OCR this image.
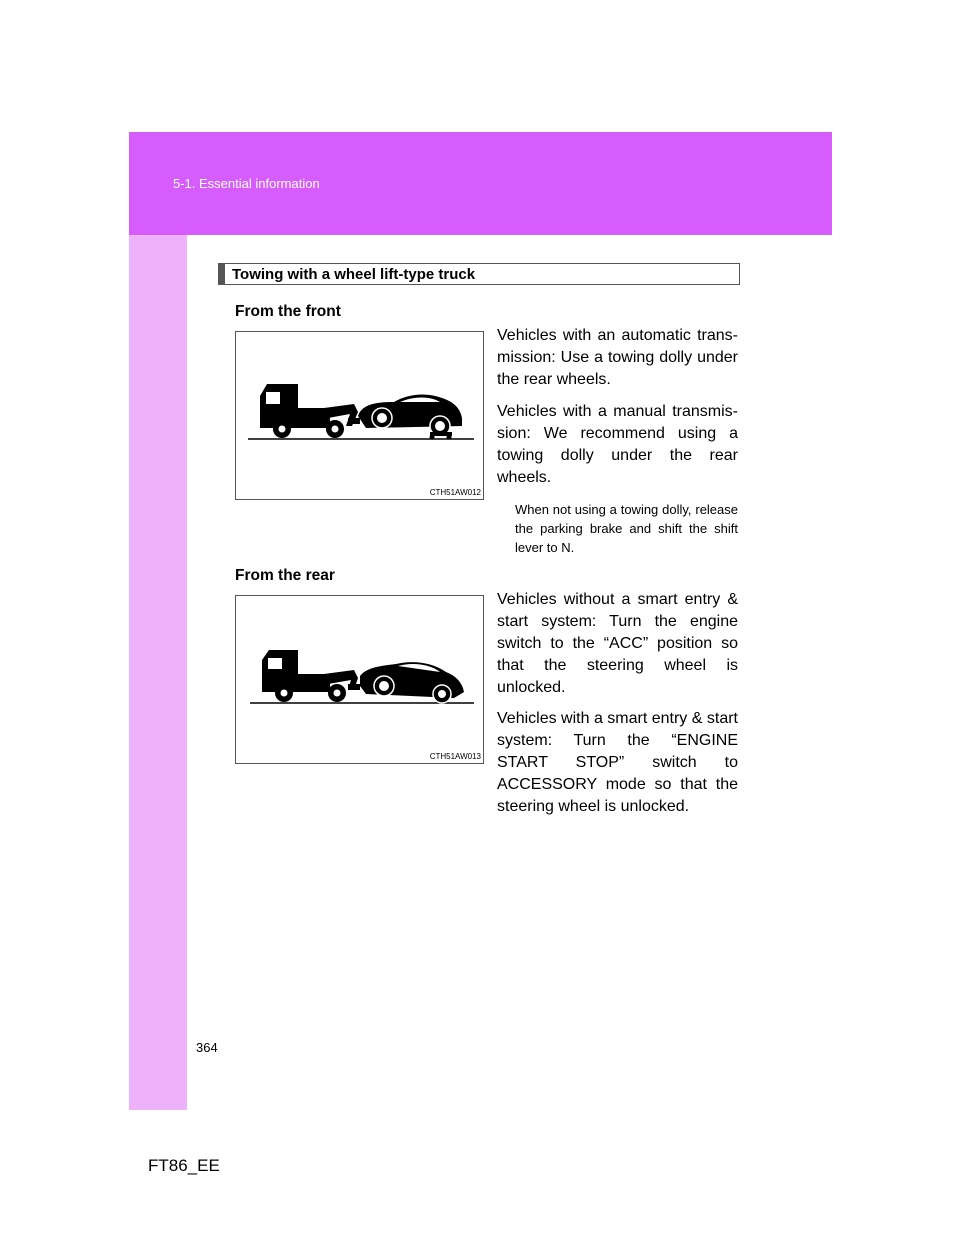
5-1. Essential information
Towing with a wheel lift-type truck
From the front
CTH51AW012

Vehicles with an automatic trans-mission: Use a towing dolly under the rear wheels.

Vehicles with a manual transmis-sion: We recommend using a towing dolly under the rear wheels.

When not using a towing dolly, release the parking brake and shift the shift lever to N.

From the rear
CTH51AW013

Vehicles without a smart entry & start system: Turn the engine switch to the “ACC” position so that the steering wheel is unlocked.

Vehicles with a smart entry & start system: Turn the “ENGINE START STOP” switch to ACCESSORY mode so that the steering wheel is unlocked.

364
FT86_EE
